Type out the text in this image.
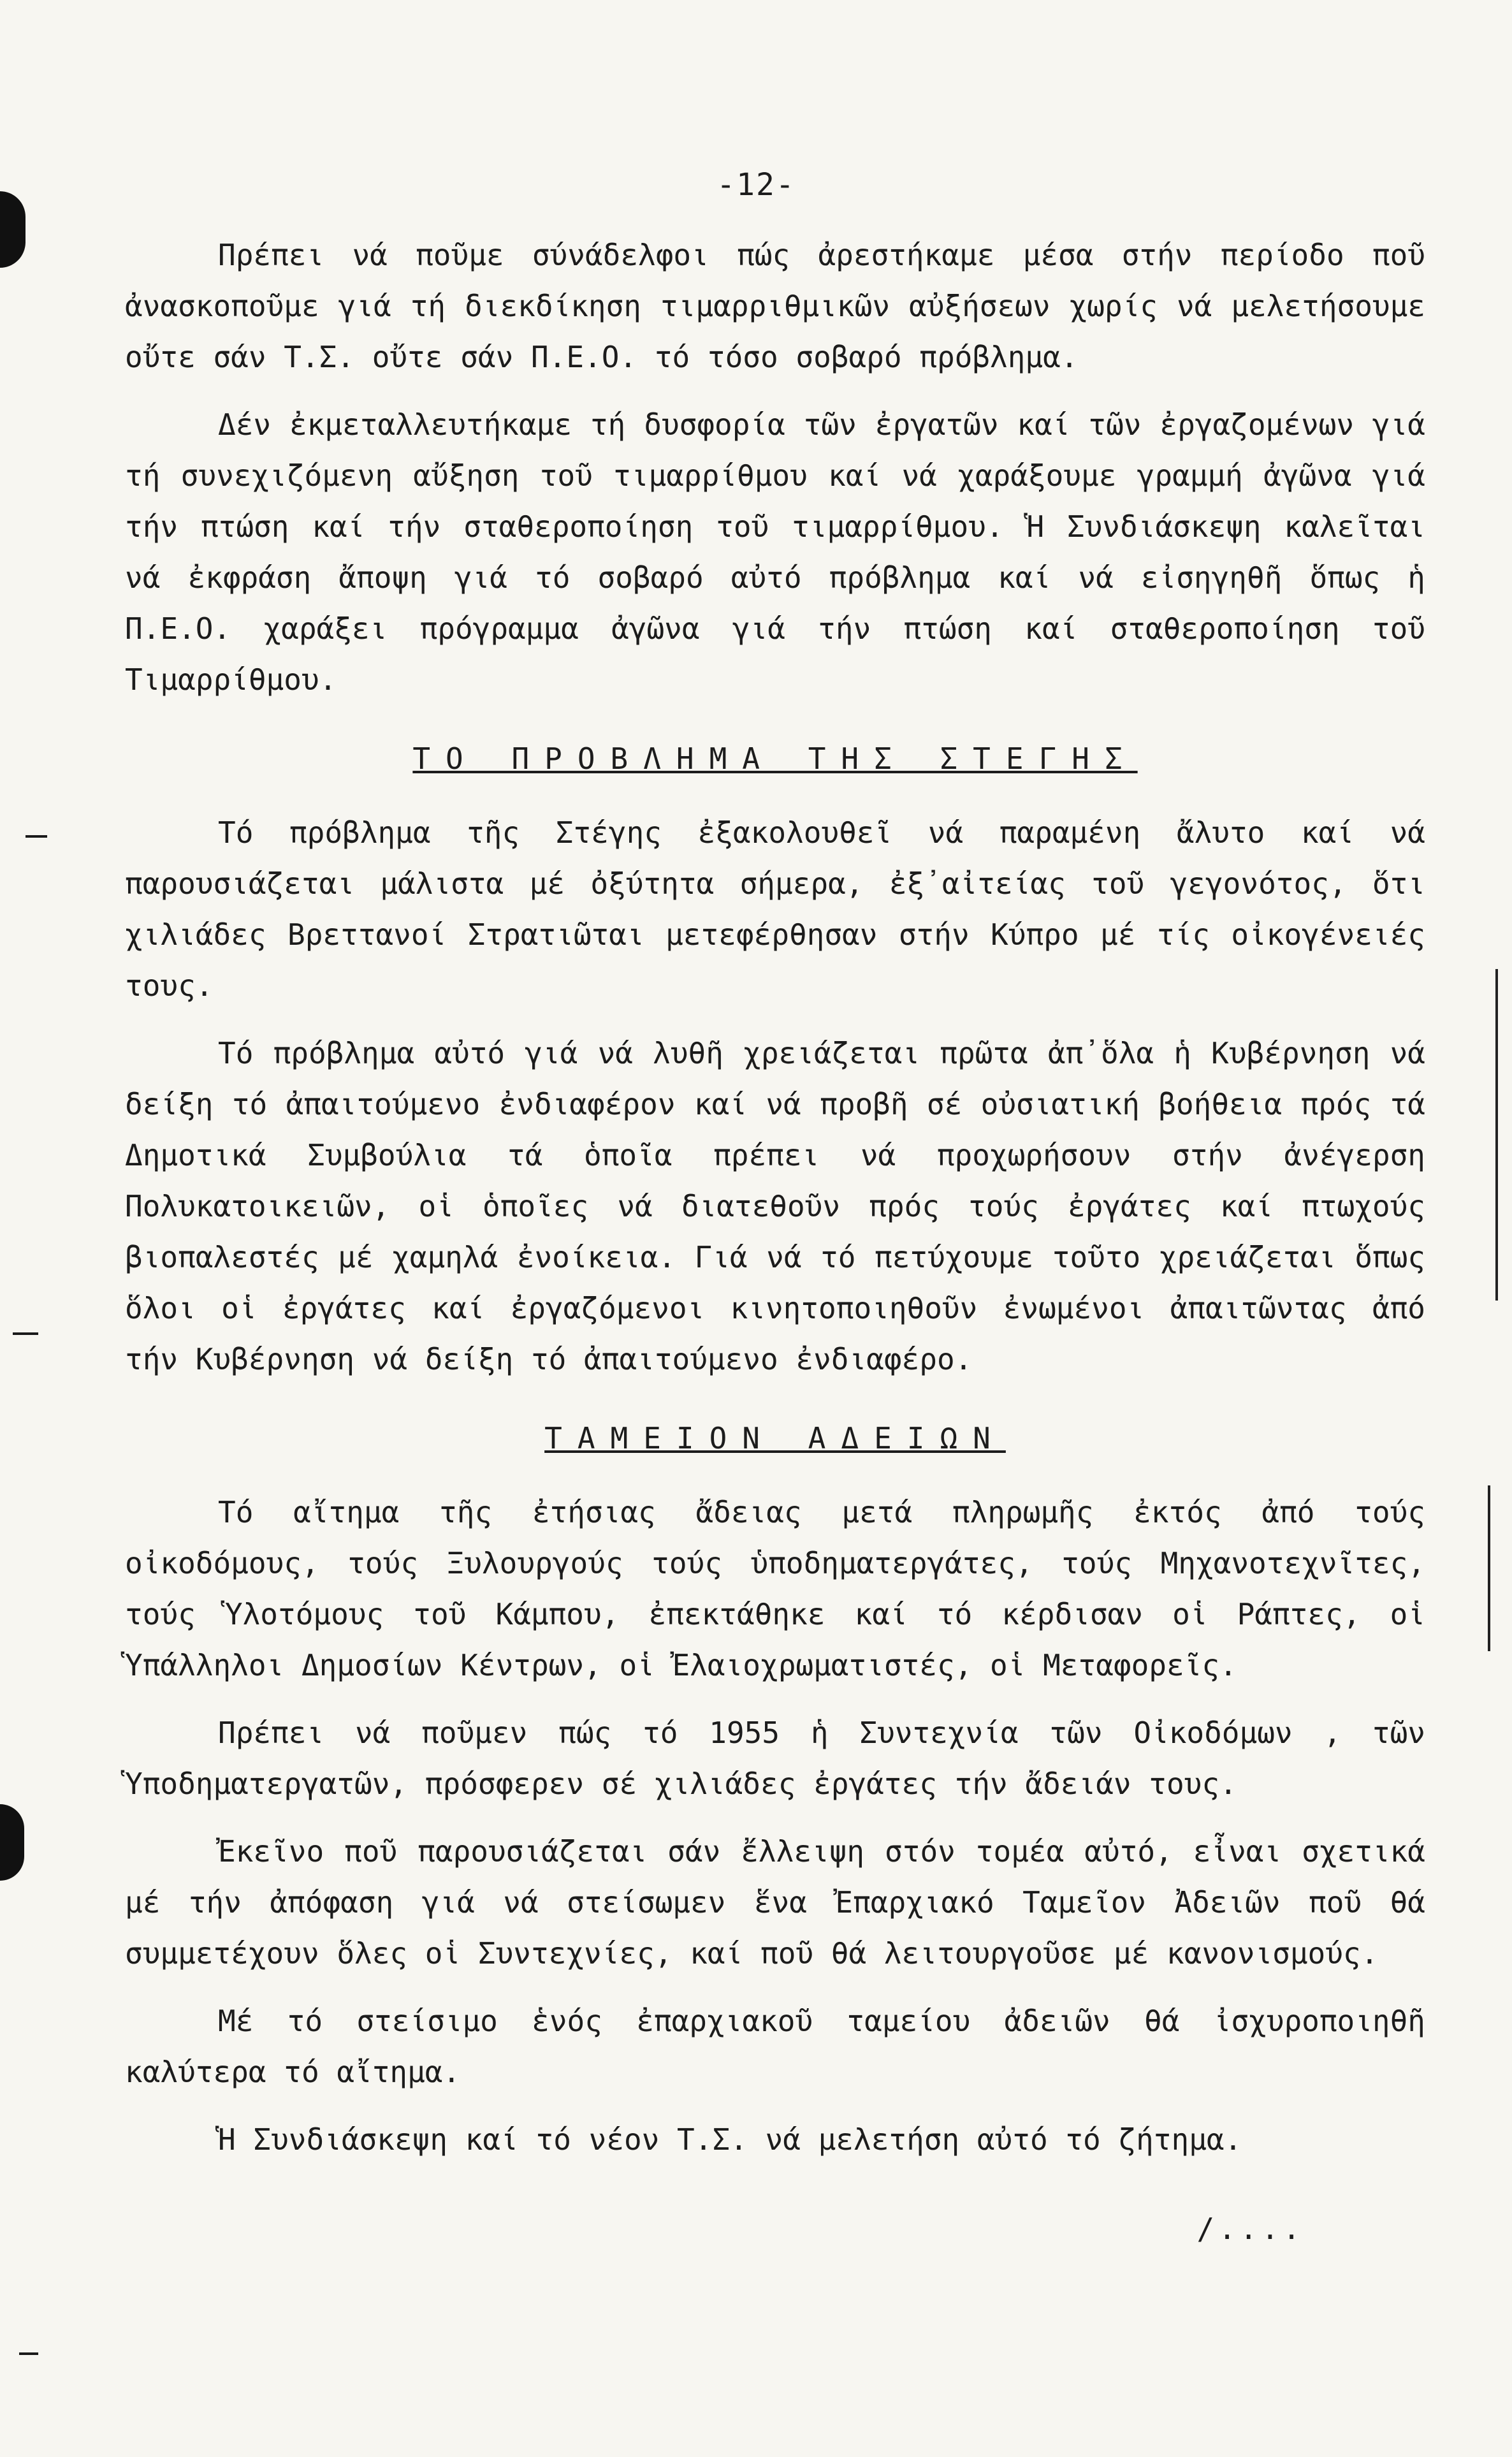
-12-

Πρέπει νά ποῦμε σύνάδελφοι πώς ἀρεστήκαμε μέσα στήν περίοδο ποῦ ἀνασκοποῦμε γιά τή διεκδίκηση τιμαρριθμικῶν αὐξήσεων χωρίς νά μελετήσουμε οὔτε σάν Τ.Σ. οὔτε σάν Π.Ε.Ο. τό τόσο σοβαρό πρόβλημα.

Δέν ἐκμεταλλευτήκαμε τή δυσφορία τῶν ἐργατῶν καί τῶν ἐργαζομένων γιά τή συνεχιζόμενη αὔξηση τοῦ τιμαρρίθμου καί νά χαράξουμε γραμμή ἀγῶνα γιά τήν πτώση καί τήν σταθεροποίηση τοῦ τιμαρρίθμου. Ἡ Συνδιάσκεψη καλεῖται νά ἐκφράση ἄποψη γιά τό σοβαρό αὐτό πρόβλημα καί νά εἰσηγηθῆ ὅπως ἡ Π.Ε.Ο. χαράξει πρόγραμμα ἀγῶνα γιά τήν πτώση καί σταθεροποίηση τοῦ Τιμαρρίθμου.

ΤΟ ΠΡΟΒΛΗΜΑ ΤΗΣ ΣΤΕΓΗΣ

Τό πρόβλημα τῆς Στέγης ἐξακολουθεῖ νά παραμένη ἄλυτο καί νά παρουσιάζεται μάλιστα μέ ὀξύτητα σήμερα, ἐξ᾿αἰτείας τοῦ γεγονότος, ὅτι χιλιάδες Βρεττανοί Στρατιῶται μετεφέρθησαν στήν Κύπρο μέ τίς οἰκογένειές τους.

Τό πρόβλημα αὐτό γιά νά λυθῆ χρειάζεται πρῶτα ἀπ᾿ὅλα ἡ Κυβέρνηση νά δείξη τό ἀπαιτούμενο ἐνδιαφέρον καί νά προβῆ σέ οὐσιατική βοήθεια πρός τά Δημοτικά Συμβούλια τά ὁποῖα πρέπει νά προχωρήσουν στήν ἀνέγερση Πολυκατοικειῶν, οἱ ὁποῖες νά διατεθοῦν πρός τούς ἐργάτες καί πτωχούς βιοπαλεστές μέ χαμηλά ἐνοίκεια. Γιά νά τό πετύχουμε τοῦτο χρειάζεται ὅπως ὅλοι οἱ ἐργάτες καί ἐργαζόμενοι κινητοποιηθοῦν ἐνωμένοι ἀπαιτῶντας ἀπό τήν Κυβέρνηση νά δείξη τό ἀπαιτούμενο ἐνδιαφέρο.

ΤΑΜΕΙΟΝ ΑΔΕΙΩΝ

Τό αἴτημα τῆς ἐτήσιας ἄδειας μετά πληρωμῆς ἐκτός ἀπό τούς οἰκοδόμους, τούς Ξυλουργούς τούς ὑποδηματεργάτες, τούς Μηχανοτεχνῖτες, τούς Ὑλοτόμους τοῦ Κάμπου, ἐπεκτάθηκε καί τό κέρδισαν οἱ Ράπτες, οἱ Ὑπάλληλοι Δημοσίων Κέντρων, οἱ Ἐλαιοχρωματιστές, οἱ Μεταφορεῖς.

Πρέπει νά ποῦμεν πώς τό 1955 ἡ Συντεχνία τῶν Οἰκοδόμων , τῶν Ὑποδηματεργατῶν, πρόσφερεν σέ χιλιάδες ἐργάτες τήν ἄδειάν τους.

Ἐκεῖνο ποῦ παρουσιάζεται σάν ἔλλειψη στόν τομέα αὐτό, εἶναι σχετικά μέ τήν ἀπόφαση γιά νά στείσωμεν ἕνα Ἐπαρχιακό Ταμεῖον Ἀδειῶν ποῦ θά συμμετέχουν ὅλες οἱ Συντεχνίες, καί ποῦ θά λειτουργοῦσε μέ κανονισμούς.

Μέ τό στείσιμο ἑνός ἐπαρχιακοῦ ταμείου ἀδειῶν θά ἰσχυροποιηθῆ καλύτερα τό αἴτημα.

Ἡ Συνδιάσκεψη καί τό νέον Τ.Σ. νά μελετήση αὐτό τό ζήτημα.

/....
